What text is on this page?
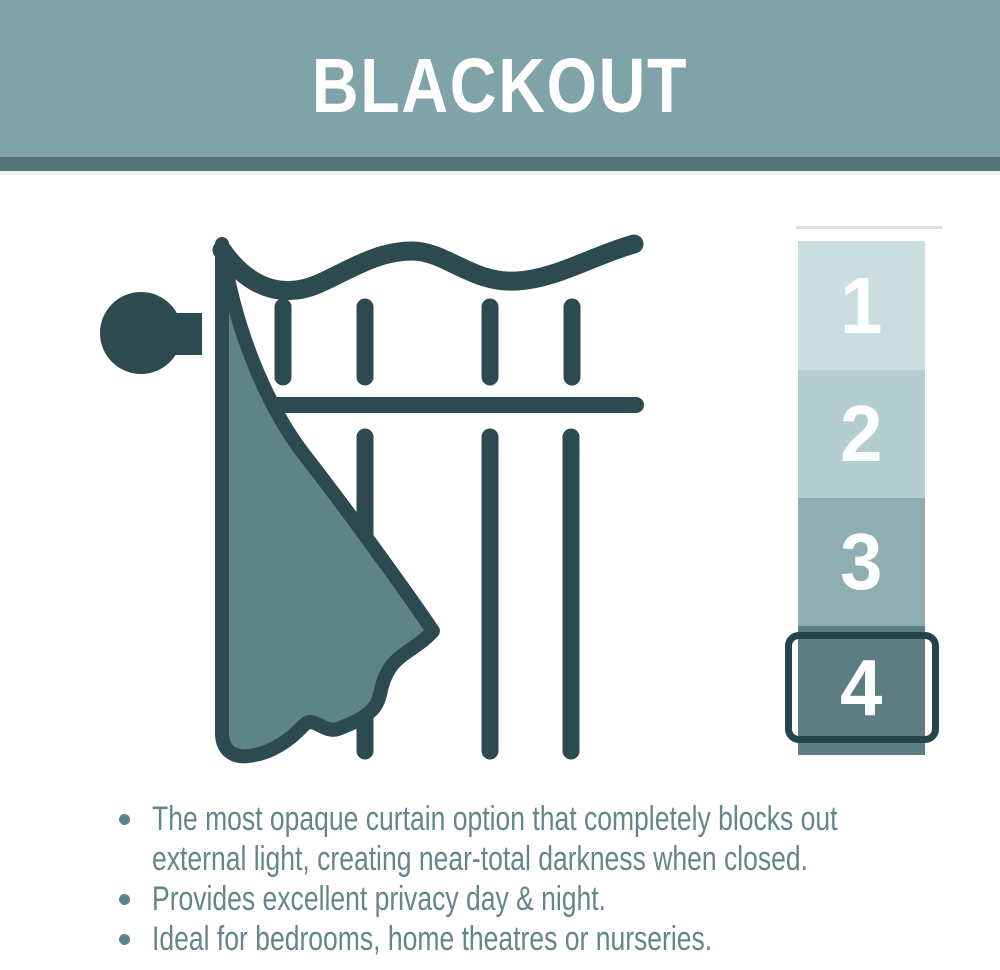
BLACKOUT
1
2
3
4
The most opaque curtain option that completely blocks out
external light, creating near-total darkness when closed.
Provides excellent privacy day & night.
Ideal for bedrooms, home theatres or nurseries.
